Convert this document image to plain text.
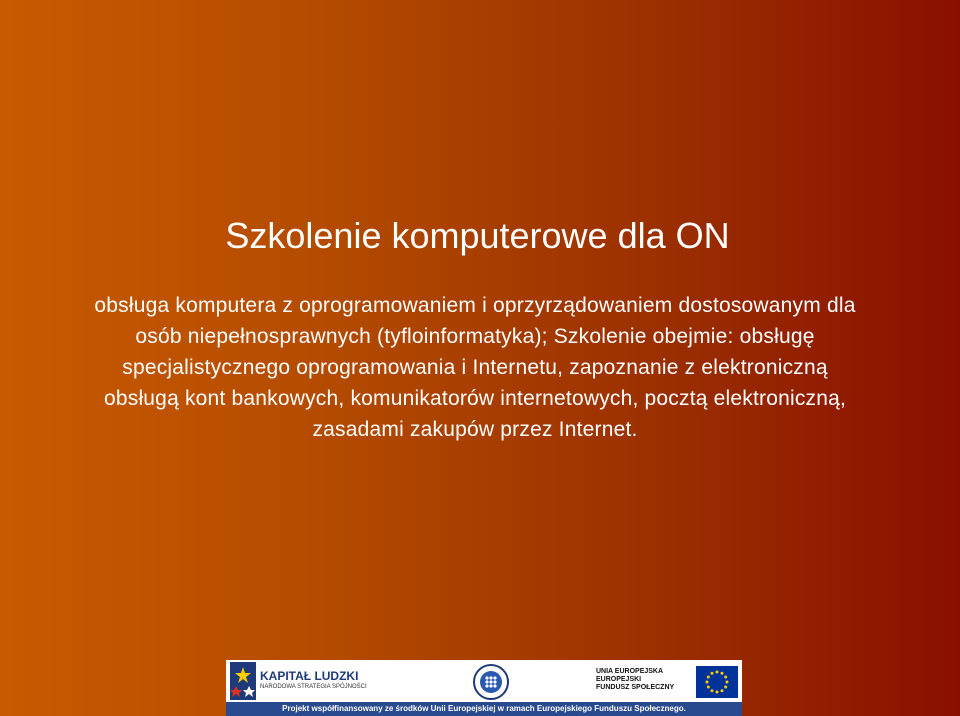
Szkolenie komputerowe dla ON

obsługa komputera z oprogramowaniem i oprzyrządowaniem dostosowanym dla osób niepełnosprawnych (tyfloinformatyka); Szkolenie obejmie: obsługę specjalistycznego oprogramowania i Internetu, zapoznanie z elektroniczną obsługą kont bankowych, komunikatorów internetowych, pocztą elektroniczną, zasadami zakupów przez Internet.

KAPITAŁ LUDZKI
NARODOWA STRATEGIA SPÓJNOŚCI
UNIA EUROPEJSKA
EUROPEJSKI
FUNDUSZ SPOŁECZNY
Projekt współfinansowany ze środków Unii Europejskiej w ramach Europejskiego Funduszu Społecznego.
